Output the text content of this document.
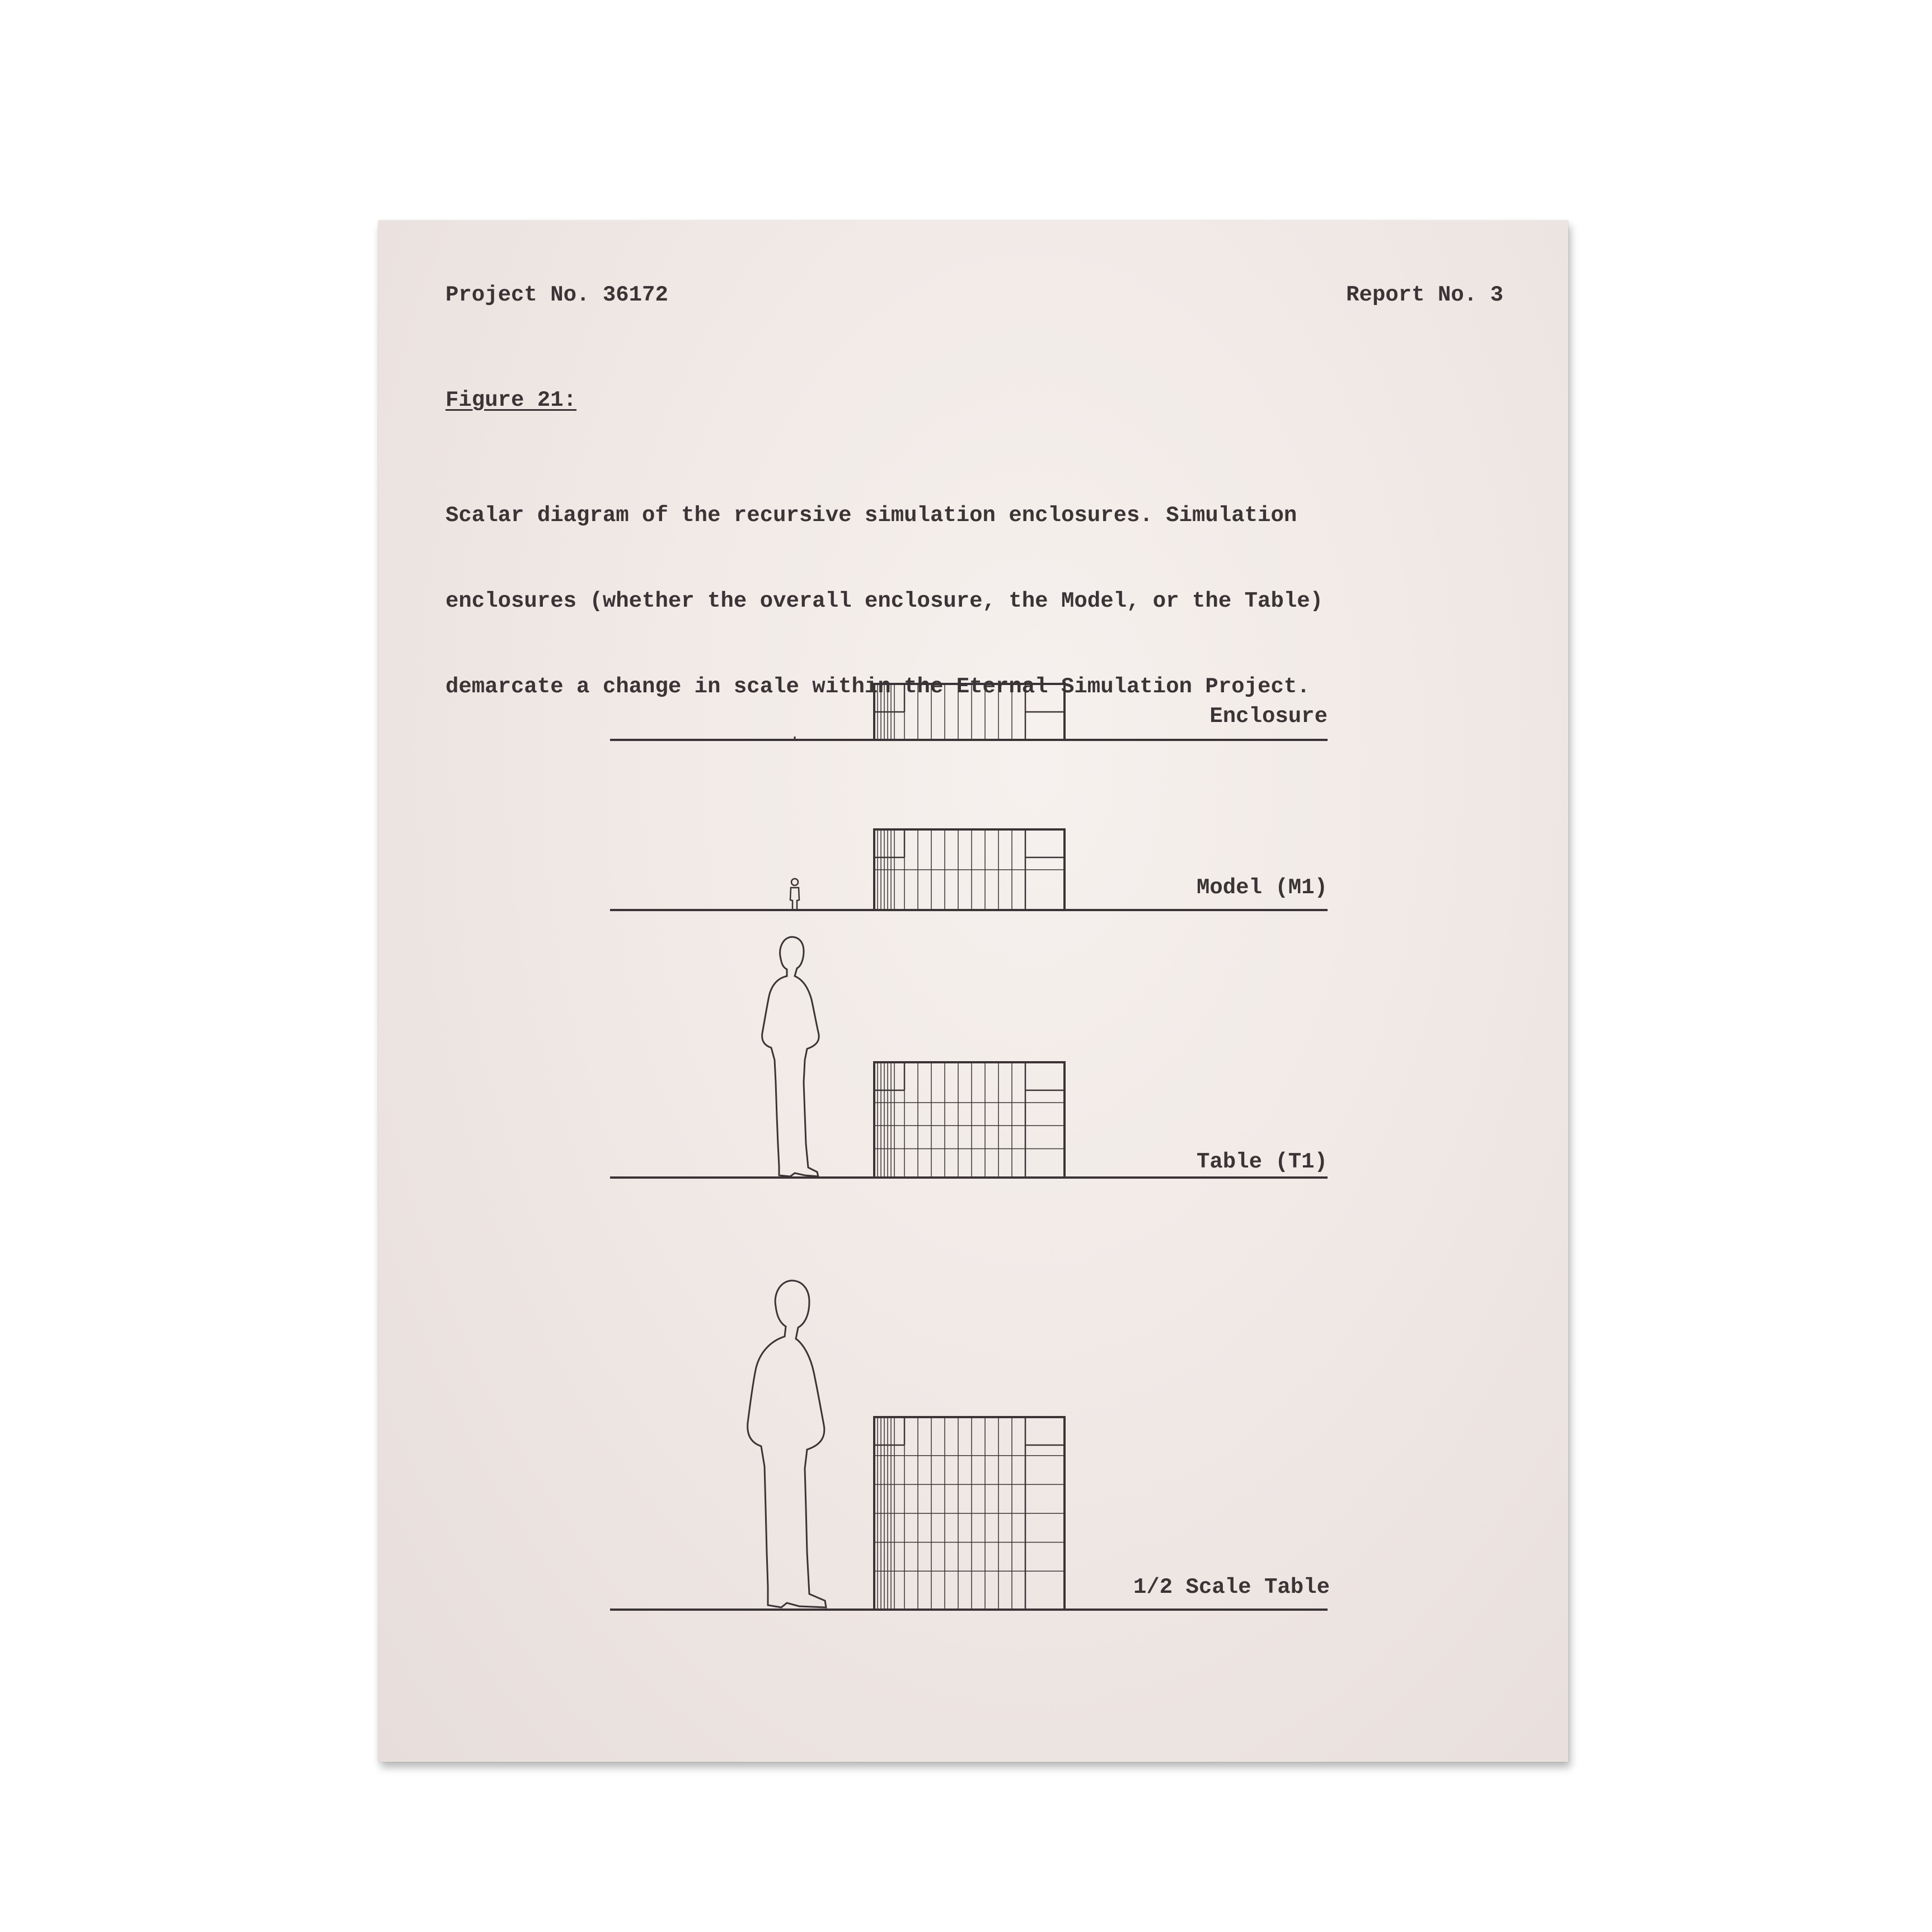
Project No. 36172	Report No. 3

Figure 21:

Scalar diagram of the recursive simulation enclosures. Simulation

enclosures (whether the overall enclosure, the Model, or the Table)

demarcate a change in scale within the Eternal Simulation Project.

Enclosure
Model (M1)
Table (T1)
1/2 Scale Table
